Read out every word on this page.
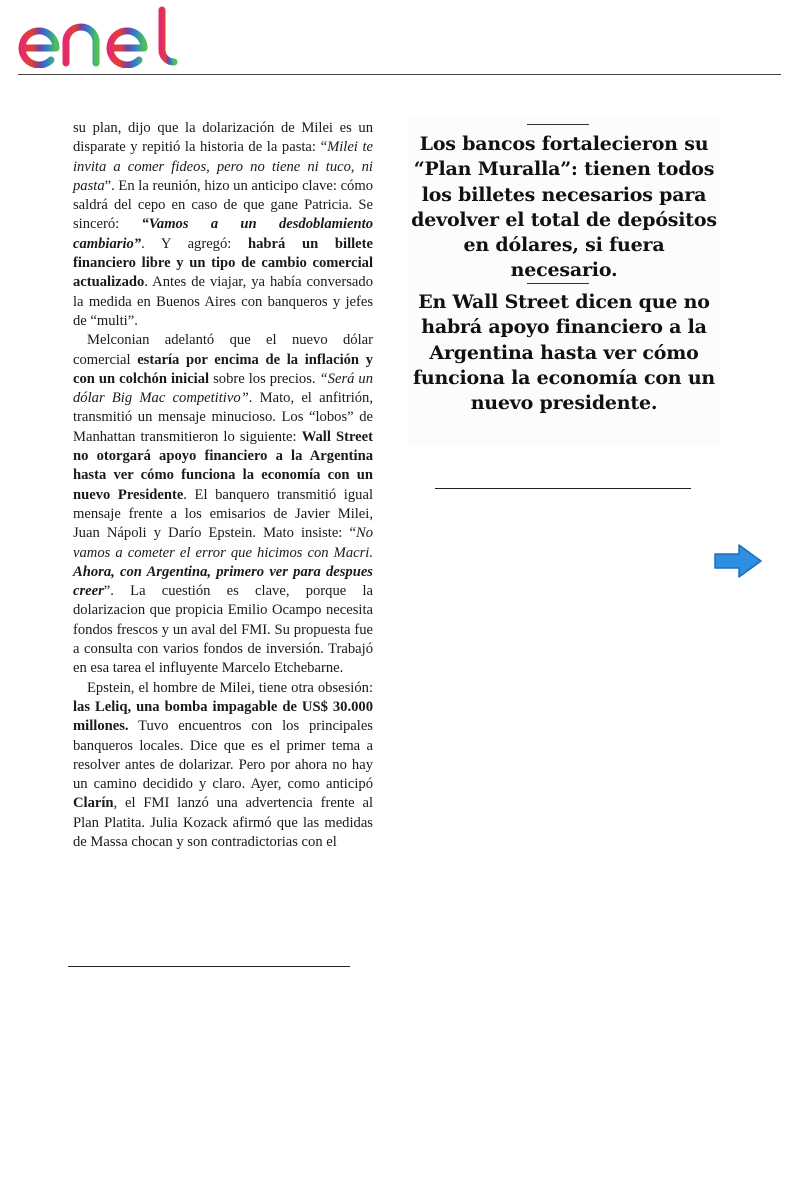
su plan, dijo que la dolarización de Milei es un disparate y repitió la historia de la pasta: “Milei te invita a comer fideos, pero no tiene ni tuco, ni pasta”. En la reunión, hizo un anticipo clave: cómo saldrá del cepo en caso de que gane Patricia. Se sinceró: “Vamos a un desdoblamiento cambiario”. Y agregó: habrá un billete financiero libre y un tipo de cambio comercial actualizado. Antes de viajar, ya había conversado la medida en Buenos Aires con banqueros y jefes de “multi”.

Melconian adelantó que el nuevo dólar comercial estaría por encima de la inflación y con un colchón inicial sobre los precios. “Será un dólar Big Mac competitivo”. Mato, el anfitrión, transmitió un mensaje minucioso. Los “lobos” de Manhattan transmitieron lo siguiente: Wall Street no otorgará apoyo financiero a la Argentina hasta ver cómo funciona la economía con un nuevo Presidente. El banquero transmitió igual mensaje frente a los emisarios de Javier Milei, Juan Nápoli y Darío Epstein. Mato insiste: “No vamos a cometer el error que hicimos con Macri. Ahora, con Argentina, primero ver para despues creer”. La cuestión es clave, porque la dolarizacion que propicia Emilio Ocampo necesita fondos frescos y un aval del FMI. Su propuesta fue a consulta con varios fondos de inversión. Trabajó en esa tarea el influyente Marcelo Etchebarne.

Epstein, el hombre de Milei, tiene otra obsesión: las Leliq, una bomba impagable de US$ 30.000 millones. Tuvo encuentros con los principales banqueros locales. Dice que es el primer tema a resolver antes de dolarizar. Pero por ahora no hay un camino decidido y claro. Ayer, como anticipó Clarín, el FMI lanzó una advertencia frente al Plan Platita. Julia Kozack afirmó que las medidas de Massa chocan y son contradictorias con el

Los bancos fortalecieron su “Plan Muralla”: tienen todos los billetes necesarios para devolver el total de depósitos en dólares, si fuera necesario.
En Wall Street dicen que no habrá apoyo financiero a la Argentina hasta ver cómo funciona la economía con un nuevo presidente.
